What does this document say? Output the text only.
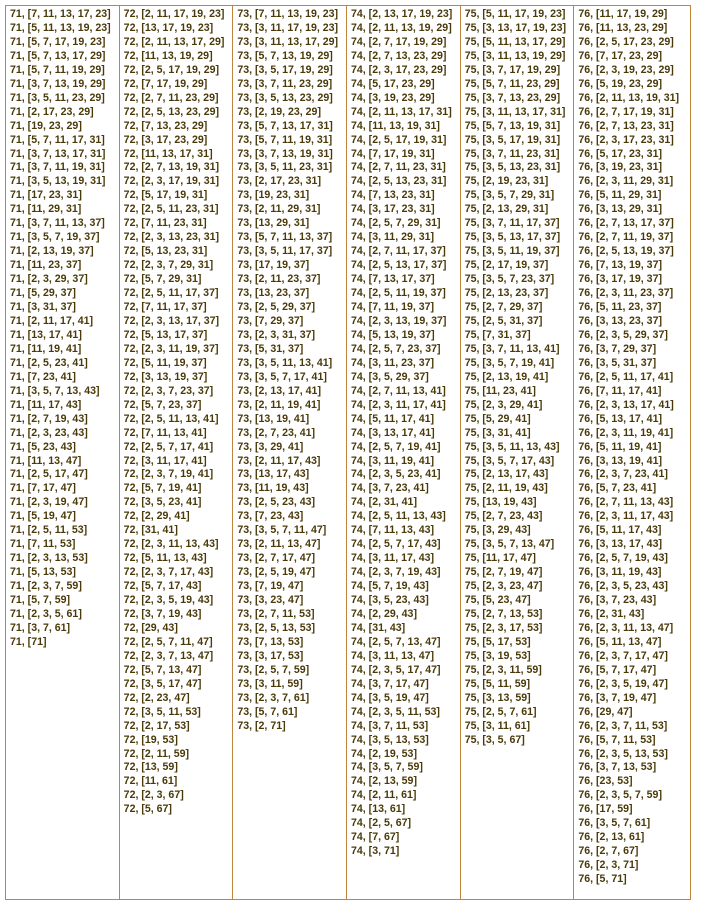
71, [7, 11, 13, 17, 23]
71, [5, 11, 13, 19, 23]
71, [5, 7, 17, 19, 23]
71, [5, 7, 13, 17, 29]
71, [5, 7, 11, 19, 29]
71, [3, 7, 13, 19, 29]
71, [3, 5, 11, 23, 29]
71, [2, 17, 23, 29]
71, [19, 23, 29]
71, [5, 7, 11, 17, 31]
71, [3, 7, 13, 17, 31]
71, [3, 7, 11, 19, 31]
71, [3, 5, 13, 19, 31]
71, [17, 23, 31]
71, [11, 29, 31]
71, [3, 7, 11, 13, 37]
71, [3, 5, 7, 19, 37]
71, [2, 13, 19, 37]
71, [11, 23, 37]
71, [2, 3, 29, 37]
71, [5, 29, 37]
71, [3, 31, 37]
71, [2, 11, 17, 41]
71, [13, 17, 41]
71, [11, 19, 41]
71, [2, 5, 23, 41]
71, [7, 23, 41]
71, [3, 5, 7, 13, 43]
71, [11, 17, 43]
71, [2, 7, 19, 43]
71, [2, 3, 23, 43]
71, [5, 23, 43]
71, [11, 13, 47]
71, [2, 5, 17, 47]
71, [7, 17, 47]
71, [2, 3, 19, 47]
71, [5, 19, 47]
71, [2, 5, 11, 53]
71, [7, 11, 53]
71, [2, 3, 13, 53]
71, [5, 13, 53]
71, [2, 3, 7, 59]
71, [5, 7, 59]
71, [2, 3, 5, 61]
71, [3, 7, 61]
71, [71]
72, [2, 11, 17, 19, 23]
72, [13, 17, 19, 23]
72, [2, 11, 13, 17, 29]
72, [11, 13, 19, 29]
72, [2, 5, 17, 19, 29]
72, [7, 17, 19, 29]
72, [2, 7, 11, 23, 29]
72, [2, 5, 13, 23, 29]
72, [7, 13, 23, 29]
72, [3, 17, 23, 29]
72, [11, 13, 17, 31]
72, [2, 7, 13, 19, 31]
72, [2, 3, 17, 19, 31]
72, [5, 17, 19, 31]
72, [2, 5, 11, 23, 31]
72, [7, 11, 23, 31]
72, [2, 3, 13, 23, 31]
72, [5, 13, 23, 31]
72, [2, 3, 7, 29, 31]
72, [5, 7, 29, 31]
72, [2, 5, 11, 17, 37]
72, [7, 11, 17, 37]
72, [2, 3, 13, 17, 37]
72, [5, 13, 17, 37]
72, [2, 3, 11, 19, 37]
72, [5, 11, 19, 37]
72, [3, 13, 19, 37]
72, [2, 3, 7, 23, 37]
72, [5, 7, 23, 37]
72, [2, 5, 11, 13, 41]
72, [7, 11, 13, 41]
72, [2, 5, 7, 17, 41]
72, [3, 11, 17, 41]
72, [2, 3, 7, 19, 41]
72, [5, 7, 19, 41]
72, [3, 5, 23, 41]
72, [2, 29, 41]
72, [31, 41]
72, [2, 3, 11, 13, 43]
72, [5, 11, 13, 43]
72, [2, 3, 7, 17, 43]
72, [5, 7, 17, 43]
72, [2, 3, 5, 19, 43]
72, [3, 7, 19, 43]
72, [29, 43]
72, [2, 5, 7, 11, 47]
72, [2, 3, 7, 13, 47]
72, [5, 7, 13, 47]
72, [3, 5, 17, 47]
72, [2, 23, 47]
72, [3, 5, 11, 53]
72, [2, 17, 53]
72, [19, 53]
72, [2, 11, 59]
72, [13, 59]
72, [11, 61]
72, [2, 3, 67]
72, [5, 67]
73, [7, 11, 13, 19, 23]
73, [3, 11, 17, 19, 23]
73, [3, 11, 13, 17, 29]
73, [5, 7, 13, 19, 29]
73, [3, 5, 17, 19, 29]
73, [3, 7, 11, 23, 29]
73, [3, 5, 13, 23, 29]
73, [2, 19, 23, 29]
73, [5, 7, 13, 17, 31]
73, [5, 7, 11, 19, 31]
73, [3, 7, 13, 19, 31]
73, [3, 5, 11, 23, 31]
73, [2, 17, 23, 31]
73, [19, 23, 31]
73, [2, 11, 29, 31]
73, [13, 29, 31]
73, [5, 7, 11, 13, 37]
73, [3, 5, 11, 17, 37]
73, [17, 19, 37]
73, [2, 11, 23, 37]
73, [13, 23, 37]
73, [2, 5, 29, 37]
73, [7, 29, 37]
73, [2, 3, 31, 37]
73, [5, 31, 37]
73, [3, 5, 11, 13, 41]
73, [3, 5, 7, 17, 41]
73, [2, 13, 17, 41]
73, [2, 11, 19, 41]
73, [13, 19, 41]
73, [2, 7, 23, 41]
73, [3, 29, 41]
73, [2, 11, 17, 43]
73, [13, 17, 43]
73, [11, 19, 43]
73, [2, 5, 23, 43]
73, [7, 23, 43]
73, [3, 5, 7, 11, 47]
73, [2, 11, 13, 47]
73, [2, 7, 17, 47]
73, [2, 5, 19, 47]
73, [7, 19, 47]
73, [3, 23, 47]
73, [2, 7, 11, 53]
73, [2, 5, 13, 53]
73, [7, 13, 53]
73, [3, 17, 53]
73, [2, 5, 7, 59]
73, [3, 11, 59]
73, [2, 3, 7, 61]
73, [5, 7, 61]
73, [2, 71]
74, [2, 13, 17, 19, 23]
74, [2, 11, 13, 19, 29]
74, [2, 7, 17, 19, 29]
74, [2, 7, 13, 23, 29]
74, [2, 3, 17, 23, 29]
74, [5, 17, 23, 29]
74, [3, 19, 23, 29]
74, [2, 11, 13, 17, 31]
74, [11, 13, 19, 31]
74, [2, 5, 17, 19, 31]
74, [7, 17, 19, 31]
74, [2, 7, 11, 23, 31]
74, [2, 5, 13, 23, 31]
74, [7, 13, 23, 31]
74, [3, 17, 23, 31]
74, [2, 5, 7, 29, 31]
74, [3, 11, 29, 31]
74, [2, 7, 11, 17, 37]
74, [2, 5, 13, 17, 37]
74, [7, 13, 17, 37]
74, [2, 5, 11, 19, 37]
74, [7, 11, 19, 37]
74, [2, 3, 13, 19, 37]
74, [5, 13, 19, 37]
74, [2, 5, 7, 23, 37]
74, [3, 11, 23, 37]
74, [3, 5, 29, 37]
74, [2, 7, 11, 13, 41]
74, [2, 3, 11, 17, 41]
74, [5, 11, 17, 41]
74, [3, 13, 17, 41]
74, [2, 5, 7, 19, 41]
74, [3, 11, 19, 41]
74, [2, 3, 5, 23, 41]
74, [3, 7, 23, 41]
74, [2, 31, 41]
74, [2, 5, 11, 13, 43]
74, [7, 11, 13, 43]
74, [2, 5, 7, 17, 43]
74, [3, 11, 17, 43]
74, [2, 3, 7, 19, 43]
74, [5, 7, 19, 43]
74, [3, 5, 23, 43]
74, [2, 29, 43]
74, [31, 43]
74, [2, 5, 7, 13, 47]
74, [3, 11, 13, 47]
74, [2, 3, 5, 17, 47]
74, [3, 7, 17, 47]
74, [3, 5, 19, 47]
74, [2, 3, 5, 11, 53]
74, [3, 7, 11, 53]
74, [3, 5, 13, 53]
74, [2, 19, 53]
74, [3, 5, 7, 59]
74, [2, 13, 59]
74, [2, 11, 61]
74, [13, 61]
74, [2, 5, 67]
74, [7, 67]
74, [3, 71]
75, [5, 11, 17, 19, 23]
75, [3, 13, 17, 19, 23]
75, [5, 11, 13, 17, 29]
75, [3, 11, 13, 19, 29]
75, [3, 7, 17, 19, 29]
75, [5, 7, 11, 23, 29]
75, [3, 7, 13, 23, 29]
75, [3, 11, 13, 17, 31]
75, [5, 7, 13, 19, 31]
75, [3, 5, 17, 19, 31]
75, [3, 7, 11, 23, 31]
75, [3, 5, 13, 23, 31]
75, [2, 19, 23, 31]
75, [3, 5, 7, 29, 31]
75, [2, 13, 29, 31]
75, [3, 7, 11, 17, 37]
75, [3, 5, 13, 17, 37]
75, [3, 5, 11, 19, 37]
75, [2, 17, 19, 37]
75, [3, 5, 7, 23, 37]
75, [2, 13, 23, 37]
75, [2, 7, 29, 37]
75, [2, 5, 31, 37]
75, [7, 31, 37]
75, [3, 7, 11, 13, 41]
75, [3, 5, 7, 19, 41]
75, [2, 13, 19, 41]
75, [11, 23, 41]
75, [2, 3, 29, 41]
75, [5, 29, 41]
75, [3, 31, 41]
75, [3, 5, 11, 13, 43]
75, [3, 5, 7, 17, 43]
75, [2, 13, 17, 43]
75, [2, 11, 19, 43]
75, [13, 19, 43]
75, [2, 7, 23, 43]
75, [3, 29, 43]
75, [3, 5, 7, 13, 47]
75, [11, 17, 47]
75, [2, 7, 19, 47]
75, [2, 3, 23, 47]
75, [5, 23, 47]
75, [2, 7, 13, 53]
75, [2, 3, 17, 53]
75, [5, 17, 53]
75, [3, 19, 53]
75, [2, 3, 11, 59]
75, [5, 11, 59]
75, [3, 13, 59]
75, [2, 5, 7, 61]
75, [3, 11, 61]
75, [3, 5, 67]
76, [11, 17, 19, 29]
76, [11, 13, 23, 29]
76, [2, 5, 17, 23, 29]
76, [7, 17, 23, 29]
76, [2, 3, 19, 23, 29]
76, [5, 19, 23, 29]
76, [2, 11, 13, 19, 31]
76, [2, 7, 17, 19, 31]
76, [2, 7, 13, 23, 31]
76, [2, 3, 17, 23, 31]
76, [5, 17, 23, 31]
76, [3, 19, 23, 31]
76, [2, 3, 11, 29, 31]
76, [5, 11, 29, 31]
76, [3, 13, 29, 31]
76, [2, 7, 13, 17, 37]
76, [2, 7, 11, 19, 37]
76, [2, 5, 13, 19, 37]
76, [7, 13, 19, 37]
76, [3, 17, 19, 37]
76, [2, 3, 11, 23, 37]
76, [5, 11, 23, 37]
76, [3, 13, 23, 37]
76, [2, 3, 5, 29, 37]
76, [3, 7, 29, 37]
76, [3, 5, 31, 37]
76, [2, 5, 11, 17, 41]
76, [7, 11, 17, 41]
76, [2, 3, 13, 17, 41]
76, [5, 13, 17, 41]
76, [2, 3, 11, 19, 41]
76, [5, 11, 19, 41]
76, [3, 13, 19, 41]
76, [2, 3, 7, 23, 41]
76, [5, 7, 23, 41]
76, [2, 7, 11, 13, 43]
76, [2, 3, 11, 17, 43]
76, [5, 11, 17, 43]
76, [3, 13, 17, 43]
76, [2, 5, 7, 19, 43]
76, [3, 11, 19, 43]
76, [2, 3, 5, 23, 43]
76, [3, 7, 23, 43]
76, [2, 31, 43]
76, [2, 3, 11, 13, 47]
76, [5, 11, 13, 47]
76, [2, 3, 7, 17, 47]
76, [5, 7, 17, 47]
76, [2, 3, 5, 19, 47]
76, [3, 7, 19, 47]
76, [29, 47]
76, [2, 3, 7, 11, 53]
76, [5, 7, 11, 53]
76, [2, 3, 5, 13, 53]
76, [3, 7, 13, 53]
76, [23, 53]
76, [2, 3, 5, 7, 59]
76, [17, 59]
76, [3, 5, 7, 61]
76, [2, 13, 61]
76, [2, 7, 67]
76, [2, 3, 71]
76, [5, 71]
